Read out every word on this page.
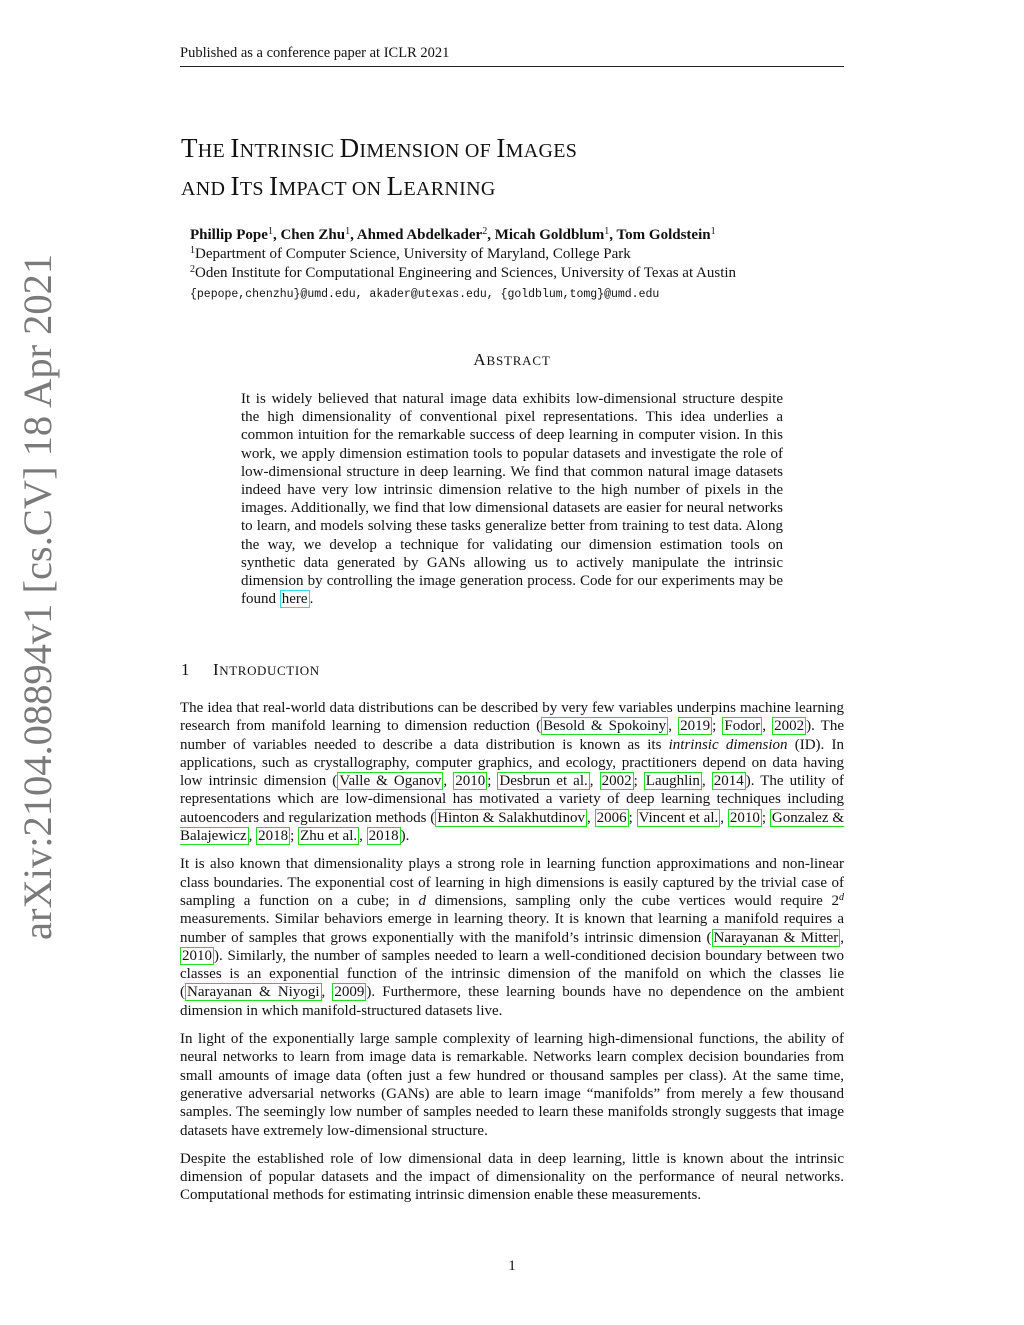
Published as a conference paper at ICLR 2021
arXiv:2104.08894v1 [cs.CV] 18 Apr 2021
THE INTRINSIC DIMENSION OF IMAGES
AND ITS IMPACT ON LEARNING
Phillip Pope$^1$, Chen Zhu$^1$, Ahmed Abdelkader$^2$, Micah Goldblum$^1$, Tom Goldstein$^1$
$^1$Department of Computer Science, University of Maryland, College Park
$^2$Oden Institute for Computational Engineering and Sciences, University of Texas at Austin
{pepope,chenzhu}@umd.edu, akader@utexas.edu, {goldblum,tomg}@umd.edu
ABSTRACT
It is widely believed that natural image data exhibits low-dimensional structure despite the high dimensionality of conventional pixel representations. This idea underlies a common intuition for the remarkable success of deep learning in computer vision. In this work, we apply dimension estimation tools to popular datasets and investigate the role of low-dimensional structure in deep learning. We find that common natural image datasets indeed have very low intrinsic dimension relative to the high number of pixels in the images. Additionally, we find that low dimensional datasets are easier for neural networks to learn, and models solving these tasks generalize better from training to test data. Along the way, we develop a technique for validating our dimension estimation tools on synthetic data generated by GANs allowing us to actively manipulate the intrinsic dimension by controlling the image generation process. Code for our experiments may be found here .
1 INTRODUCTION

The idea that real-world data distributions can be described by very few variables underpins machine learning research from manifold learning to dimension reduction ( Besold & Spokoiny , 2019 ; Fodor , 2002 ). The number of variables needed to describe a data distribution is known as its intrinsic dimension (ID). In applications, such as crystallography, computer graphics, and ecology, practitioners depend on data having low intrinsic dimension ( Valle & Oganov , 2010 ; Desbrun et al. , 2002 ; Laughlin , 2014 ). The utility of representations which are low-dimensional has motivated a variety of deep learning techniques including autoencoders and regularization methods ( Hinton & Salakhutdinov , 2006 ; Vincent et al. , 2010 ; Gonzalez & Balajewicz , 2018 ; Zhu et al. , 2018 ).

It is also known that dimensionality plays a strong role in learning function approximations and non-linear class boundaries. The exponential cost of learning in high dimensions is easily captured by the trivial case of sampling a function on a cube; in d dimensions, sampling only the cube vertices would require 2$^d$ measurements. Similar behaviors emerge in learning theory. It is known that learning a manifold requires a number of samples that grows exponentially with the manifold’s intrinsic dimension ( Narayanan & Mitter , 2010 ). Similarly, the number of samples needed to learn a well-conditioned decision boundary between two classes is an exponential function of the intrinsic dimension of the manifold on which the classes lie ( Narayanan & Niyogi , 2009 ). Furthermore, these learning bounds have no dependence on the ambient dimension in which manifold-structured datasets live.

In light of the exponentially large sample complexity of learning high-dimensional functions, the ability of neural networks to learn from image data is remarkable. Networks learn complex decision boundaries from small amounts of image data (often just a few hundred or thousand samples per class). At the same time, generative adversarial networks (GANs) are able to learn image “manifolds” from merely a few thousand samples. The seemingly low number of samples needed to learn these manifolds strongly suggests that image datasets have extremely low-dimensional structure.

Despite the established role of low dimensional data in deep learning, little is known about the intrinsic dimension of popular datasets and the impact of dimensionality on the performance of neural networks. Computational methods for estimating intrinsic dimension enable these measurements.

1
